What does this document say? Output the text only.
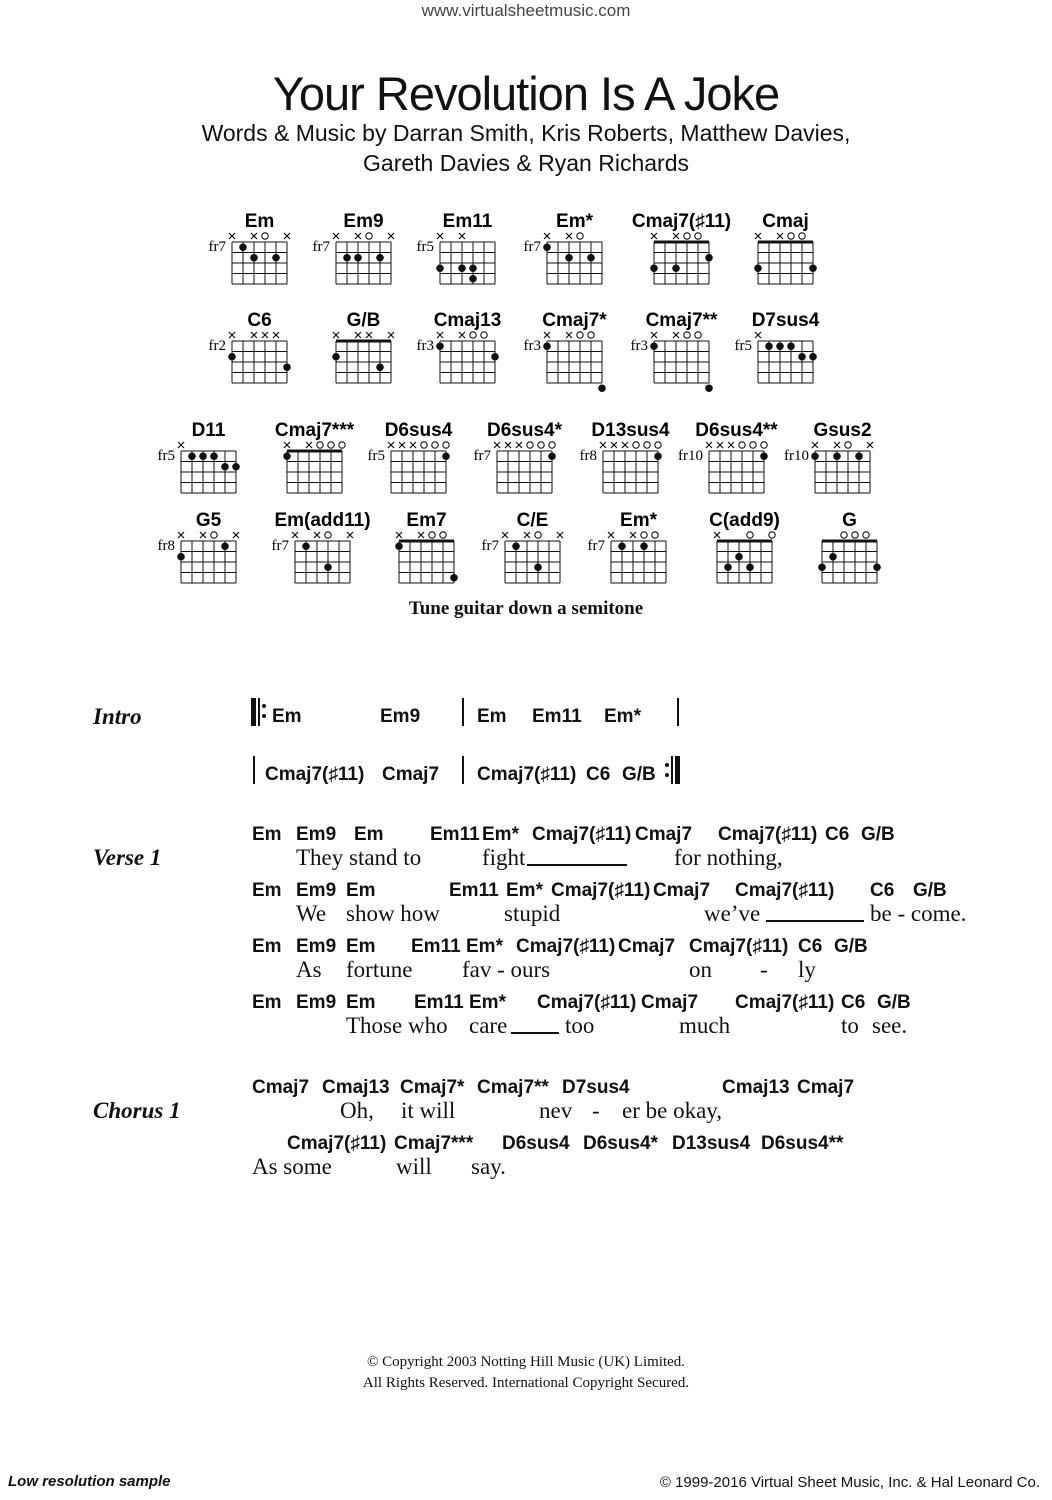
www.virtualsheetmusic.com
Your Revolution Is A Joke
Words & Music by Darran Smith, Kris Roberts, Matthew Davies,
Gareth Davies & Ryan Richards
Em
fr7
Em9
fr7
Em11
fr5
Em*
fr7
Cmaj7(♯11) Cmaj
C6
fr2
G/B	Cmaj13
fr3
Cmaj7*
fr3
Cmaj7**
fr3
D7sus4
fr5
D11
fr5
Cmaj7*** D6sus4
fr5
D6sus4*
fr7
D13sus4
fr8
D6sus4**
fr10
Gsus2
fr10
G5
fr8
Em(add11)
fr7
Em7	C/E
fr7
Em*
fr7
C(add9)	G
Tune guitar down a semitone
Intro	Em	Em9	Em Em11 Em*
Cmaj7(♯11) Cmaj7 Cmaj7(♯11) C6 G/B
Verse 1
Em Em9 Em Em11 Em* Cmaj7(♯11) Cmaj7 Cmaj7(♯11) C6 G/B
They stand to	fight	for nothing,
Em Em9 Em	Em11 Em* Cmaj7(♯11) Cmaj7 Cmaj7(♯11) C6 G/B
We show how	stupid	we’ve	be - come.
Em Em9 Em Em11 Em* Cmaj7(♯11) Cmaj7 Cmaj7(♯11) C6 G/B
As fortune fav - ours	on - ly
Em Em9 Em Em11 Em* Cmaj7(♯11) Cmaj7 Cmaj7(♯11) C6 G/B
Those who care	too	much	to see.
Chorus 1
Cmaj7 Cmaj13 Cmaj7* Cmaj7** D7sus4	Cmaj13 Cmaj7
Oh, it will	nev - er be okay,
Cmaj7(♯11) Cmaj7*** D6sus4 D6sus4* D13sus4 D6sus4**
As some	will say.
© Copyright 2003 Notting Hill Music (UK) Limited.
All Rights Reserved. International Copyright Secured.
Low resolution sample	© 1999-2016 Virtual Sheet Music, Inc. & Hal Leonard Co.
